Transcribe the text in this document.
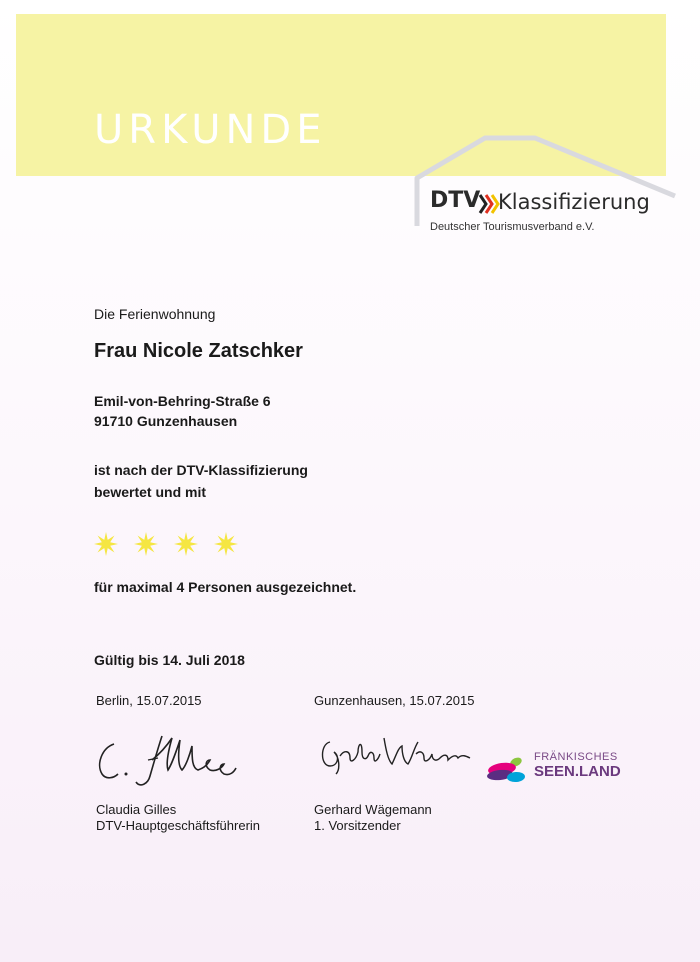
URKUNDE
DTV Klassifizierung
Deutscher Tourismusverband e.V.
Die Ferienwohnung
Frau Nicole Zatschker
Emil-von-Behring-Straße 6
91710 Gunzenhausen
ist nach der DTV-Klassifizierung
bewertet und mit
für maximal 4 Personen ausgezeichnet.
Gültig bis 14. Juli 2018
Berlin, 15.07.2015	Gunzenhausen, 15.07.2015
Claudia Gilles
DTV-Hauptgeschäftsführerin
Gerhard Wägemann
1. Vorsitzender
FRÄNKISCHES
SEEN.LAND
